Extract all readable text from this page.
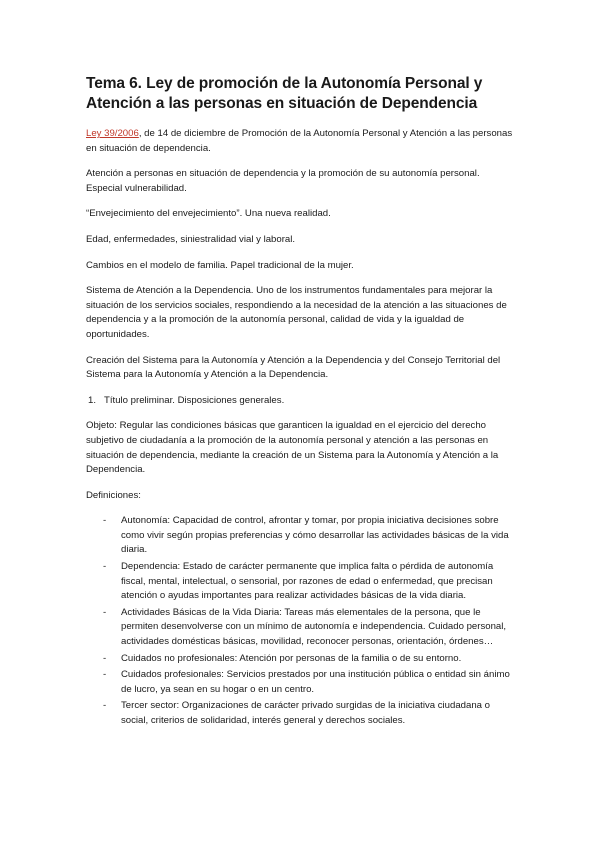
Tema 6. Ley de promoción de la Autonomía Personal y Atención a las personas en situación de Dependencia

Ley 39/2006, de 14 de diciembre de Promoción de la Autonomía Personal y Atención a las personas en situación de dependencia.

Atención a personas en situación de dependencia y la promoción de su autonomía personal. Especial vulnerabilidad.

“Envejecimiento del envejecimiento”. Una nueva realidad.

Edad, enfermedades, siniestralidad vial y laboral.

Cambios en el modelo de familia. Papel tradicional de la mujer.

Sistema de Atención a la Dependencia. Uno de los instrumentos fundamentales para mejorar la situación de los servicios sociales, respondiendo a la necesidad de la atención a las situaciones de dependencia y a la promoción de la autonomía personal, calidad de vida y la igualdad de oportunidades.

Creación del Sistema para la Autonomía y Atención a la Dependencia y del Consejo Territorial del Sistema para la Autonomía y Atención a la Dependencia.

1. Título preliminar. Disposiciones generales.

Objeto: Regular las condiciones básicas que garanticen la igualdad en el ejercicio del derecho subjetivo de ciudadanía a la promoción de la autonomía personal y atención a las personas en situación de dependencia, mediante la creación de un Sistema para la Autonomía y Atención a la Dependencia.

Definiciones:

- Autonomía: Capacidad de control, afrontar y tomar, por propia iniciativa decisiones sobre como vivir según propias preferencias y cómo desarrollar las actividades básicas de la vida diaria.
- Dependencia: Estado de carácter permanente que implica falta o pérdida de autonomía fiscal, mental, intelectual, o sensorial, por razones de edad o enfermedad, que precisan atención o ayudas importantes para realizar actividades básicas de la vida diaria.
- Actividades Básicas de la Vida Diaria: Tareas más elementales de la persona, que le permiten desenvolverse con un mínimo de autonomía e independencia. Cuidado personal, actividades domésticas básicas, movilidad, reconocer personas, orientación, órdenes…
- Cuidados no profesionales: Atención por personas de la familia o de su entorno.
- Cuidados profesionales: Servicios prestados por una institución pública o entidad sin ánimo de lucro, ya sean en su hogar o en un centro.
- Tercer sector: Organizaciones de carácter privado surgidas de la iniciativa ciudadana o social, criterios de solidaridad, interés general y derechos sociales.
